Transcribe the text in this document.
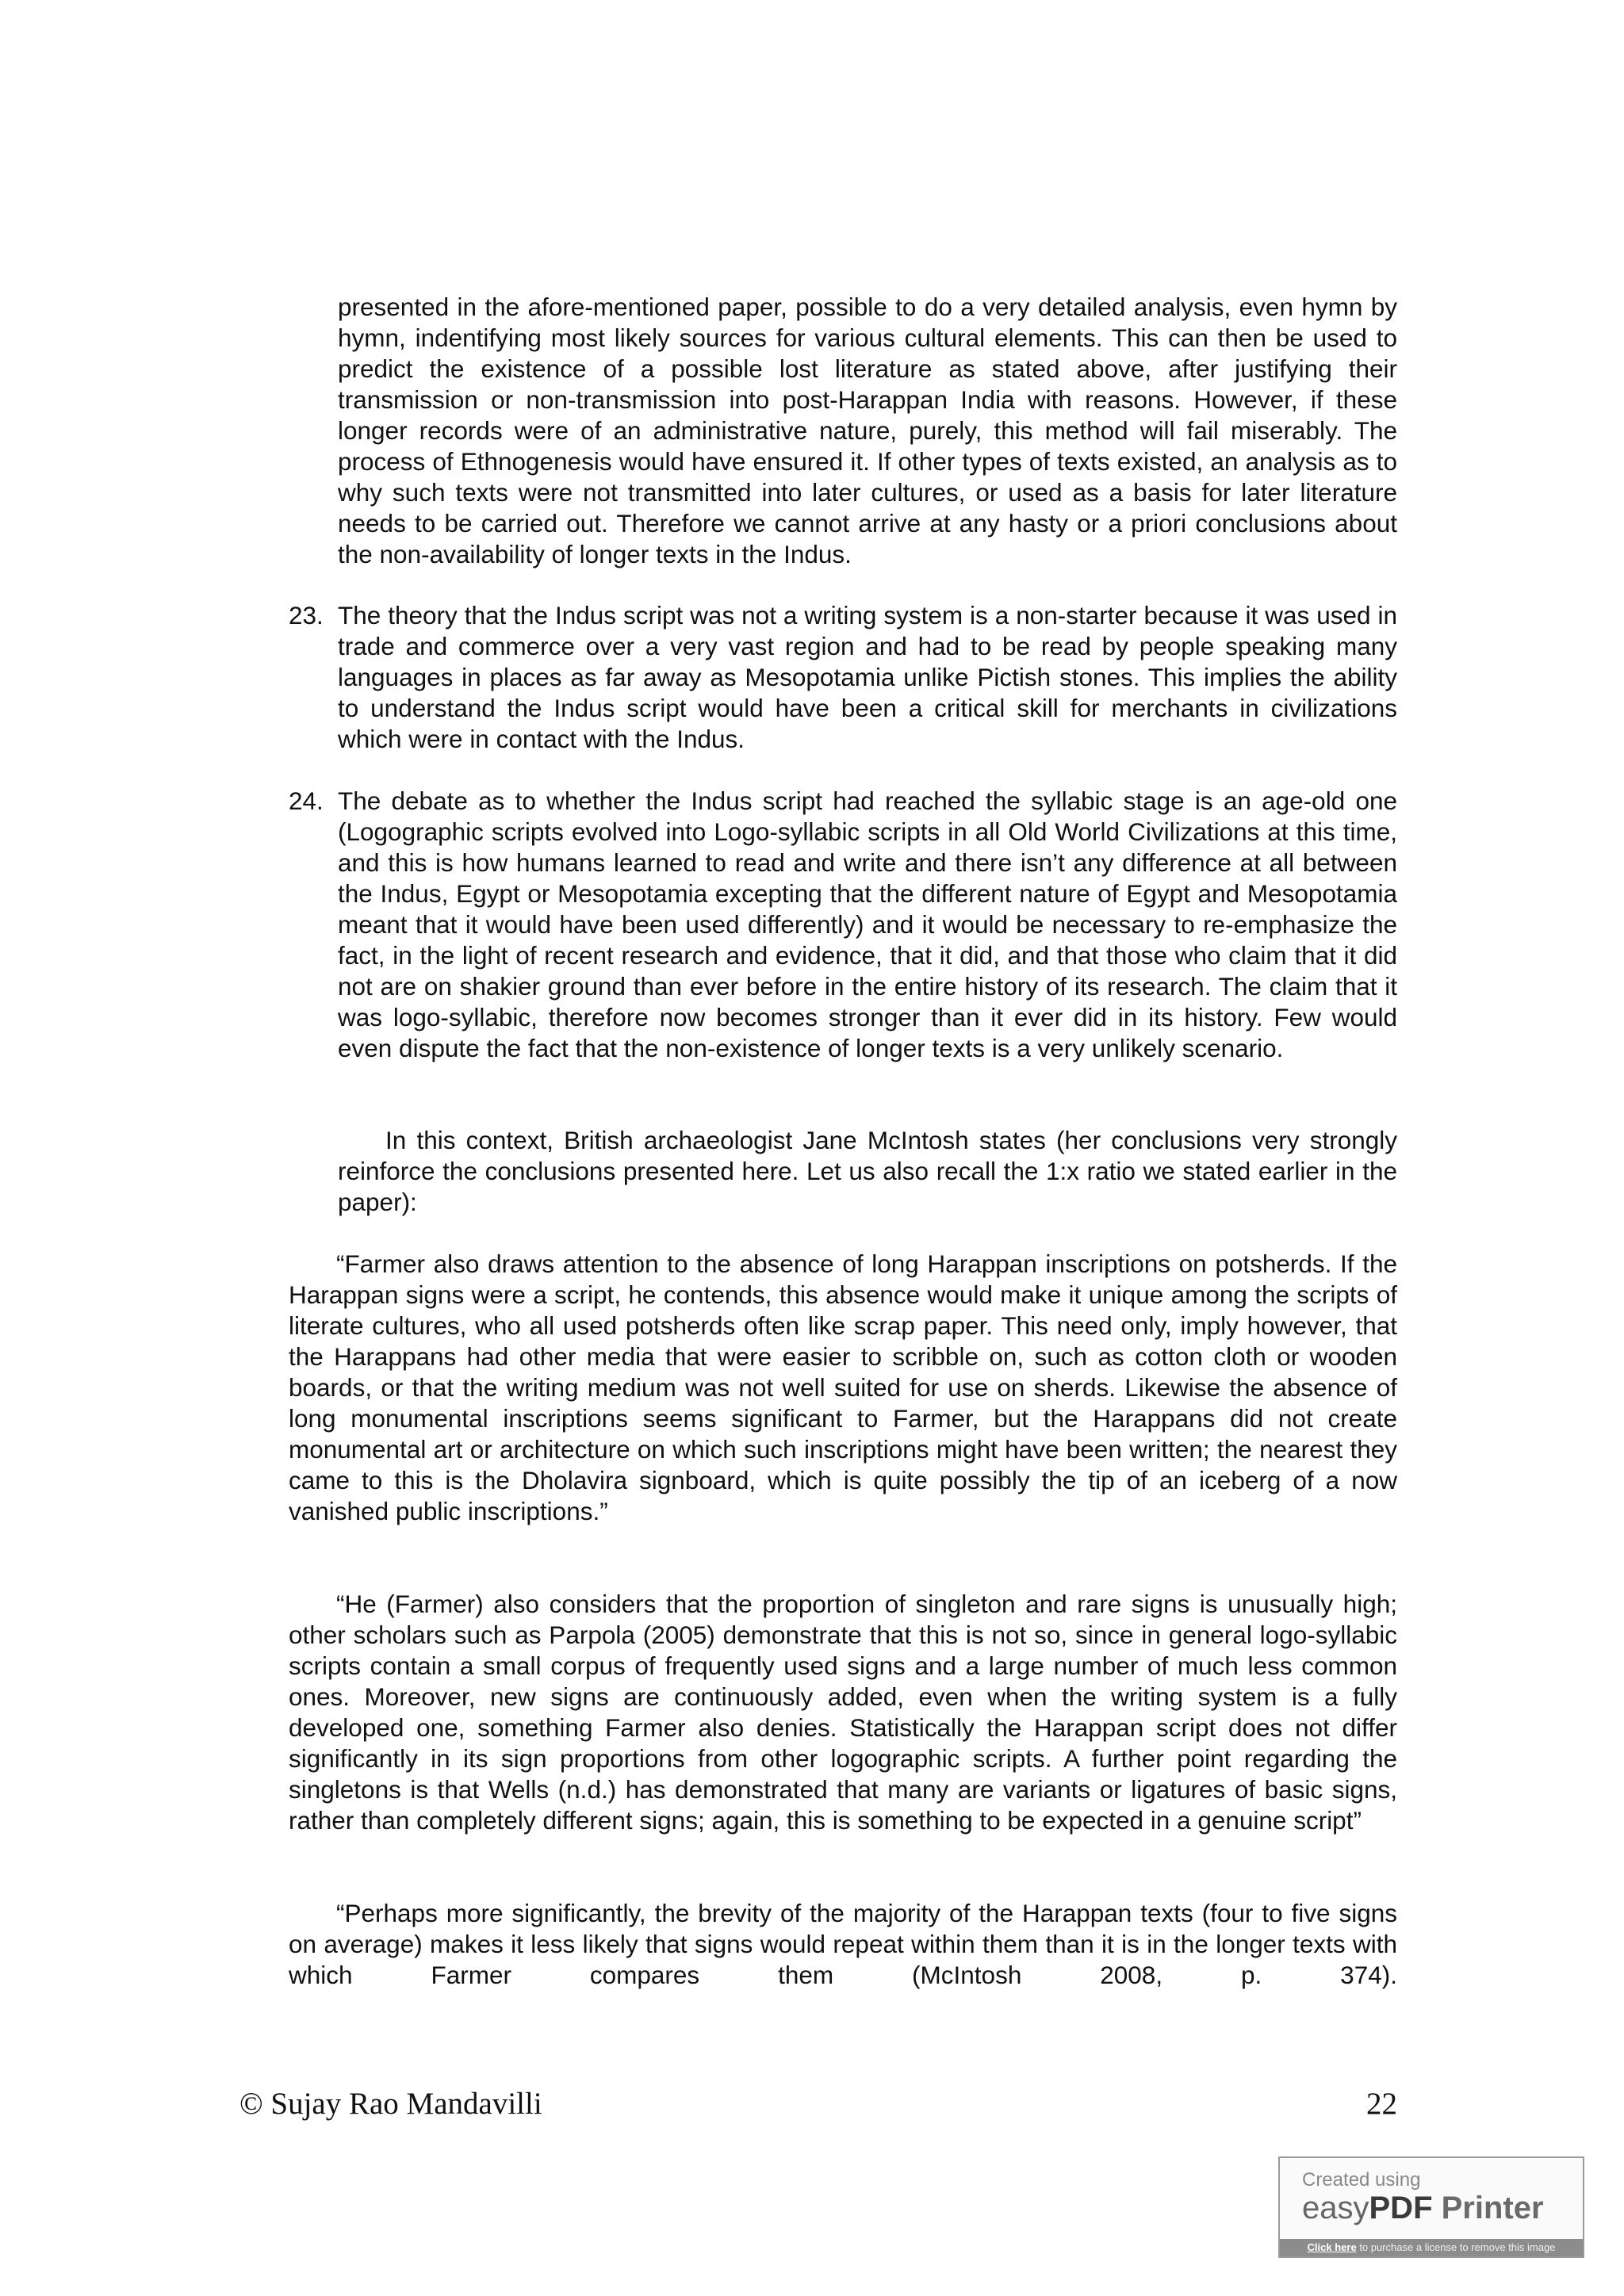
presented in the afore-mentioned paper, possible to do a very detailed analysis, even hymn by hymn, indentifying most likely sources for various cultural elements. This can then be used to predict the existence of a possible lost literature as stated above, after justifying their transmission or non-transmission into post-Harappan India with reasons. However, if these longer records were of an administrative nature, purely, this method will fail miserably. The process of Ethnogenesis would have ensured it. If other types of texts existed, an analysis as to why such texts were not transmitted into later cultures, or used as a basis for later literature needs to be carried out. Therefore we cannot arrive at any hasty or a priori conclusions about the non-availability of longer texts in the Indus.

23. The theory that the Indus script was not a writing system is a non-starter because it was used in trade and commerce over a very vast region and had to be read by people speaking many languages in places as far away as Mesopotamia unlike Pictish stones. This implies the ability to understand the Indus script would have been a critical skill for merchants in civilizations which were in contact with the Indus.

24. The debate as to whether the Indus script had reached the syllabic stage is an age-old one (Logographic scripts evolved into Logo-syllabic scripts in all Old World Civilizations at this time, and this is how humans learned to read and write and there isn’t any difference at all between the Indus, Egypt or Mesopotamia excepting that the different nature of Egypt and Mesopotamia meant that it would have been used differently) and it would be necessary to re-emphasize the fact, in the light of recent research and evidence, that it did, and that those who claim that it did not are on shakier ground than ever before in the entire history of its research. The claim that it was logo-syllabic, therefore now becomes stronger than it ever did in its history. Few would even dispute the fact that the non-existence of longer texts is a very unlikely scenario.

In this context, British archaeologist Jane McIntosh states (her conclusions very strongly reinforce the conclusions presented here. Let us also recall the 1:x ratio we stated earlier in the paper):

“Farmer also draws attention to the absence of long Harappan inscriptions on potsherds. If the Harappan signs were a script, he contends, this absence would make it unique among the scripts of literate cultures, who all used potsherds often like scrap paper. This need only, imply however, that the Harappans had other media that were easier to scribble on, such as cotton cloth or wooden boards, or that the writing medium was not well suited for use on sherds. Likewise the absence of long monumental inscriptions seems significant to Farmer, but the Harappans did not create monumental art or architecture on which such inscriptions might have been written; the nearest they came to this is the Dholavira signboard, which is quite possibly the tip of an iceberg of a now vanished public inscriptions.”

“He (Farmer) also considers that the proportion of singleton and rare signs is unusually high; other scholars such as Parpola (2005) demonstrate that this is not so, since in general logo-syllabic scripts contain a small corpus of frequently used signs and a large number of much less common ones. Moreover, new signs are continuously added, even when the writing system is a fully developed one, something Farmer also denies. Statistically the Harappan script does not differ significantly in its sign proportions from other logographic scripts. A further point regarding the singletons is that Wells (n.d.) has demonstrated that many are variants or ligatures of basic signs, rather than completely different signs; again, this is something to be expected in a genuine script”

“Perhaps more significantly, the brevity of the majority of the Harappan texts (four to five signs on average) makes it less likely that signs would repeat within them than it is in the longer texts with which Farmer compares them (McIntosh 2008, p. 374).

© Sujay Rao Mandavilli	22
Created using
easyPDF Printer
Click here to purchase a license to remove this image
